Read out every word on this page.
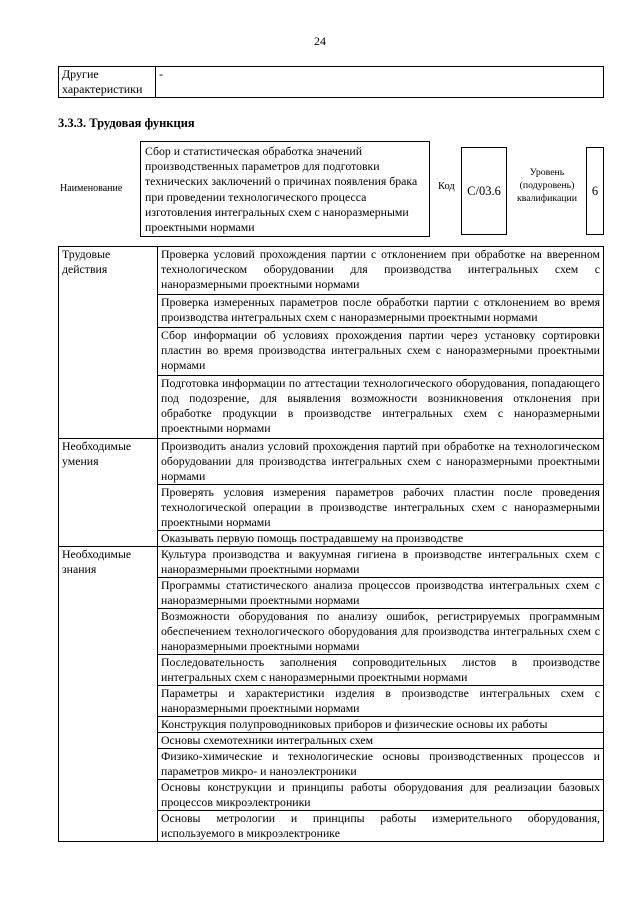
24
Другие характеристики	-
3.3.3. Трудовая функция
Наименование
Сбор и статистическая обработка значений производственных параметров для подготовки технических заключений о причинах появления брака при проведении технологического процесса изготовления интегральных схем с наноразмерными проектными нормами
Код C/03.6
Уровень (подуровень) квалификации
6
Трудовые действия	Проверка условий прохождения партии с отклонением при обработке на вверенном технологическом оборудовании для производства интегральных схем с наноразмерными проектными нормами
	Проверка измеренных параметров после обработки партии с отклонением во время производства интегральных схем с наноразмерными проектными нормами
	Сбор информации об условиях прохождения партии через установку сортировки пластин во время производства интегральных схем с наноразмерными проектными нормами
	Подготовка информации по аттестации технологического оборудования, попадающего под подозрение, для выявления возможности возникновения отклонения при обработке продукции в производстве интегральных схем с наноразмерными проектными нормами
Необходимые умения	Производить анализ условий прохождения партий при обработке на технологическом оборудовании для производства интегральных схем с наноразмерными проектными нормами
	Проверять условия измерения параметров рабочих пластин после проведения технологической операции в производстве интегральных схем с наноразмерными проектными нормами
	Оказывать первую помощь пострадавшему на производстве
Необходимые знания	Культура производства и вакуумная гигиена в производстве интегральных схем с наноразмерными проектными нормами
	Программы статистического анализа процессов производства интегральных схем с наноразмерными проектными нормами
	Возможности оборудования по анализу ошибок, регистрируемых программным обеспечением технологического оборудования для производства интегральных схем с наноразмерными проектными нормами
	Последовательность заполнения сопроводительных листов в производстве интегральных схем с наноразмерными проектными нормами
	Параметры и характеристики изделия в производстве интегральных схем с наноразмерными проектными нормами
	Конструкция полупроводниковых приборов и физические основы их работы
	Основы схемотехники интегральных схем
	Физико-химические и технологические основы производственных процессов и параметров микро- и наноэлектроники
	Основы конструкции и принципы работы оборудования для реализации базовых процессов микроэлектроники
	Основы метрологии и принципы работы измерительного оборудования, используемого в микроэлектронике
